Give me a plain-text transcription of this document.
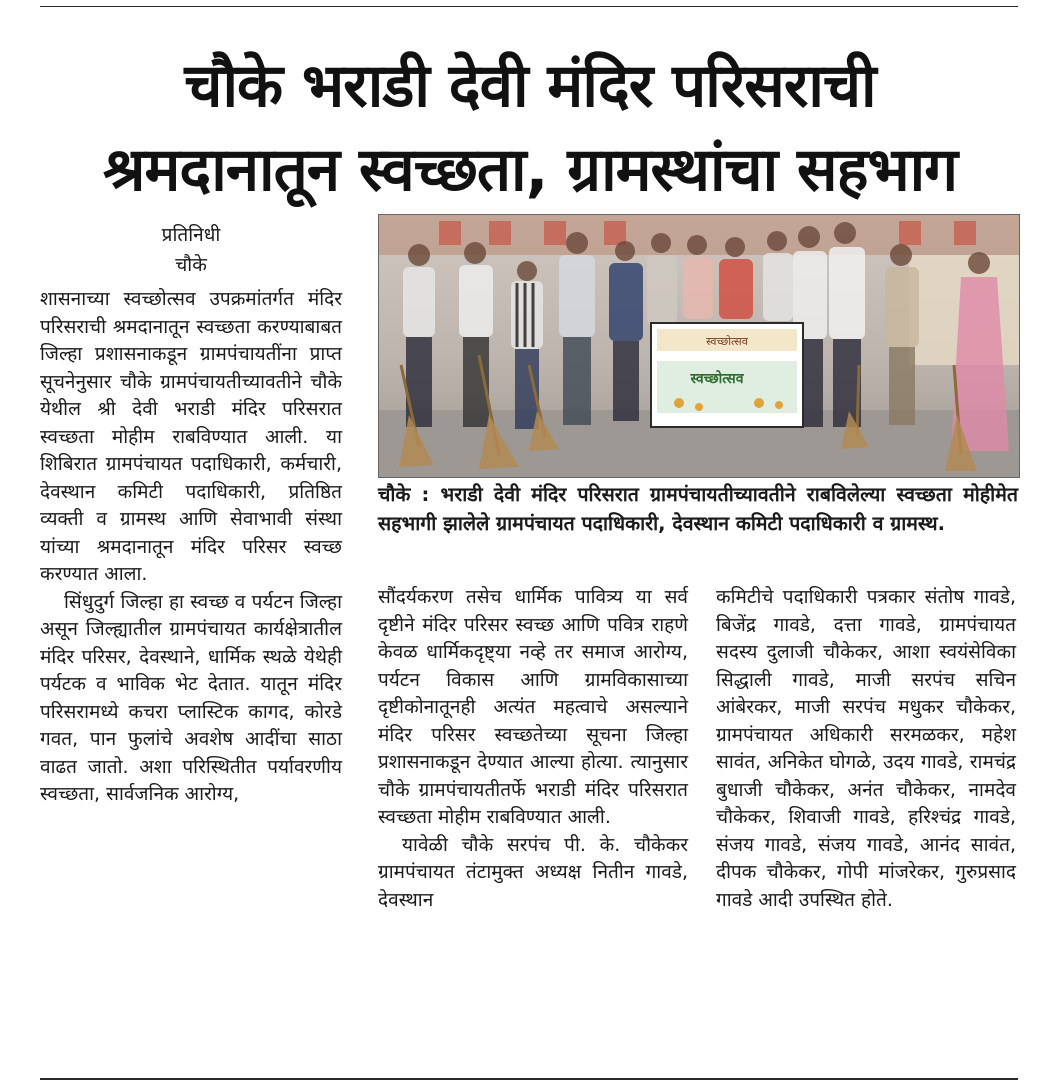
चौके भराडी देवी मंदिर परिसराची
श्रमदानातून स्वच्छता, ग्रामस्थांचा सहभाग
प्रतिनिधी
चौके

शासनाच्या स्वच्छोत्सव उपक्रमांतर्गत मंदिर परिसराची श्रमदानातून स्वच्छता करण्याबाबत जिल्हा प्रशासनाकडून ग्रामपंचायतींना प्राप्त सूचनेनुसार चौके ग्रामपंचायतीच्यावतीने चौके येथील श्री देवी भराडी मंदिर परिसरात स्वच्छता मोहीम राबविण्यात आली. या शिबिरात ग्रामपंचायत पदाधिकारी, कर्मचारी, देवस्थान कमिटी पदाधिकारी, प्रतिष्ठित व्यक्ती व ग्रामस्थ आणि सेवाभावी संस्था यांच्या श्रमदानातून मंदिर परिसर स्वच्छ करण्यात आला.

सिंधुदुर्ग जिल्हा हा स्वच्छ व पर्यटन जिल्हा असून जिल्ह्यातील ग्रामपंचायत कार्यक्षेत्रातील मंदिर परिसर, देवस्थाने, धार्मिक स्थळे येथेही पर्यटक व भाविक भेट देतात. यातून मंदिर परिसरामध्ये कचरा प्लास्टिक कागद, कोरडे गवत, पान फुलांचे अवशेष आदींचा साठा वाढत जातो. अशा परिस्थितीत पर्यावरणीय स्वच्छता, सार्वजनिक आरोग्य,

स्वच्छोत्सव
स्वच्छोत्सव
चौके : भराडी देवी मंदिर परिसरात ग्रामपंचायतीच्यावतीने राबविलेल्या स्वच्छता मोहीमेत सहभागी झालेले ग्रामपंचायत पदाधिकारी, देवस्थान कमिटी पदाधिकारी व ग्रामस्थ.

सौंदर्यकरण तसेच धार्मिक पावित्र्य या सर्व दृष्टीने मंदिर परिसर स्वच्छ आणि पवित्र राहणे केवळ धार्मिकदृष्ट्या नव्हे तर समाज आरोग्य, पर्यटन विकास आणि ग्रामविकासाच्या दृष्टीकोनातूनही अत्यंत महत्वाचे असल्याने मंदिर परिसर स्वच्छतेच्या सूचना जिल्हा प्रशासनाकडून देण्यात आल्या होत्या. त्यानुसार चौके ग्रामपंचायतीतर्फे भराडी मंदिर परिसरात स्वच्छता मोहीम राबविण्यात आली.

यावेळी चौके सरपंच पी. के. चौकेकर ग्रामपंचायत तंटामुक्त अध्यक्ष नितीन गावडे, देवस्थान

कमिटीचे पदाधिकारी पत्रकार संतोष गावडे, बिजेंद्र गावडे, दत्ता गावडे, ग्रामपंचायत सदस्य दुलाजी चौकेकर, आशा स्वयंसेविका सिद्धाली गावडे, माजी सरपंच सचिन आंबेरकर, माजी सरपंच मधुकर चौकेकर, ग्रामपंचायत अधिकारी सरमळकर, महेश सावंत, अनिकेत घोगळे, उदय गावडे, रामचंद्र बुधाजी चौकेकर, अनंत चौकेकर, नामदेव चौकेकर, शिवाजी गावडे, हरिश्चंद्र गावडे, संजय गावडे, संजय गावडे, आनंद सावंत, दीपक चौकेकर, गोपी मांजरेकर, गुरुप्रसाद गावडे आदी उपस्थित होते.
